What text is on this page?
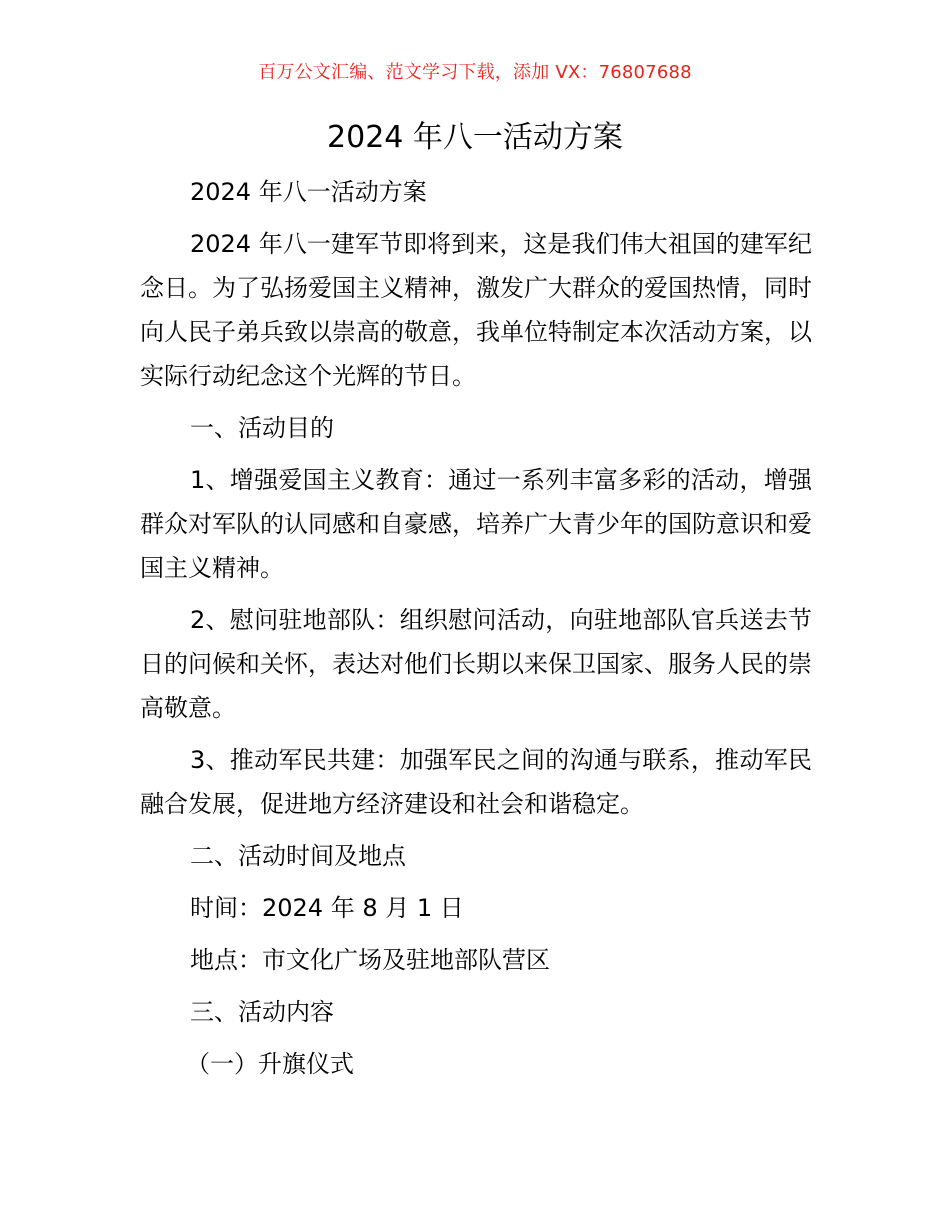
百万公文汇编、范文学习下载，添加 VX：76807688
2024 年八一活动方案

2024 年八一活动方案

2024 年八一建军节即将到来，这是我们伟大祖国的建军纪念日。为了弘扬爱国主义精神，激发广大群众的爱国热情，同时向人民子弟兵致以崇高的敬意，我单位特制定本次活动方案，以实际行动纪念这个光辉的节日。

一、活动目的

1、增强爱国主义教育：通过一系列丰富多彩的活动，增强群众对军队的认同感和自豪感，培养广大青少年的国防意识和爱国主义精神。

2、慰问驻地部队：组织慰问活动，向驻地部队官兵送去节日的问候和关怀，表达对他们长期以来保卫国家、服务人民的崇高敬意。

3、推动军民共建：加强军民之间的沟通与联系，推动军民融合发展，促进地方经济建设和社会和谐稳定。

二、活动时间及地点

时间：2024 年 8 月 1 日

地点：市文化广场及驻地部队营区

三、活动内容

（一）升旗仪式
